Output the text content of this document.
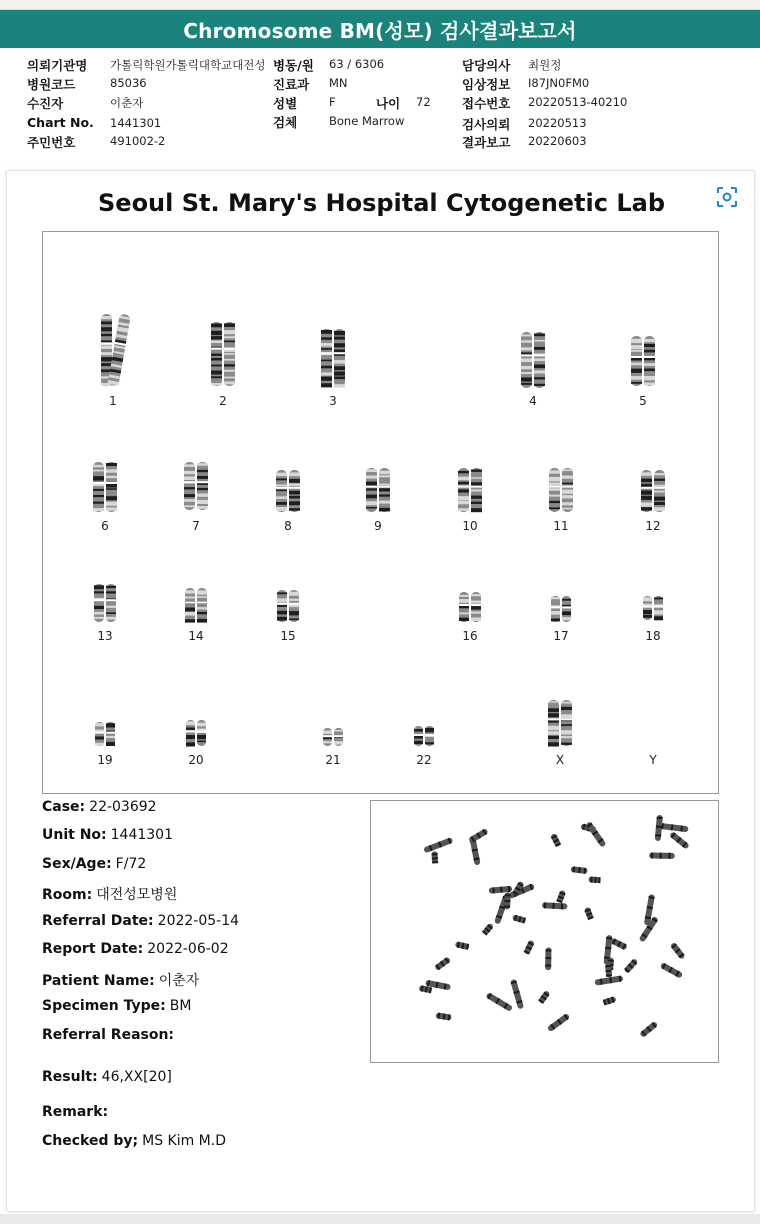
Chromosome BM(성모) 검사결과보고서
의뢰기관명 가톨릭학원가톨릭대학교대전성
병원코드	85036
수진자	이춘자
Chart No. 1441301
주민번호	491002-2
병동/원 63 / 6306
진료과 MN
성별	F	나이 72
검체	Bone Marrow
담당의사 최원정
임상정보 I87JN0FM0
접수번호 20220513-40210
검사의뢰 20220513
결과보고 20220603
Seoul St. Mary's Hospital Cytogenetic Lab
1	2	3	4	5
6	7	8	9	10	11	12
13	14	15	16	17	18
19	20	21	22	X	Y
Case: 22-03692
Unit No: 1441301
Sex/Age: F/72
Room: 대전성모병원
Referral Date: 2022-05-14
Report Date: 2022-06-02
Patient Name: 이춘자
Specimen Type: BM
Referral Reason:
Result: 46,XX[20]
Remark:
Checked by; MS Kim M.D
